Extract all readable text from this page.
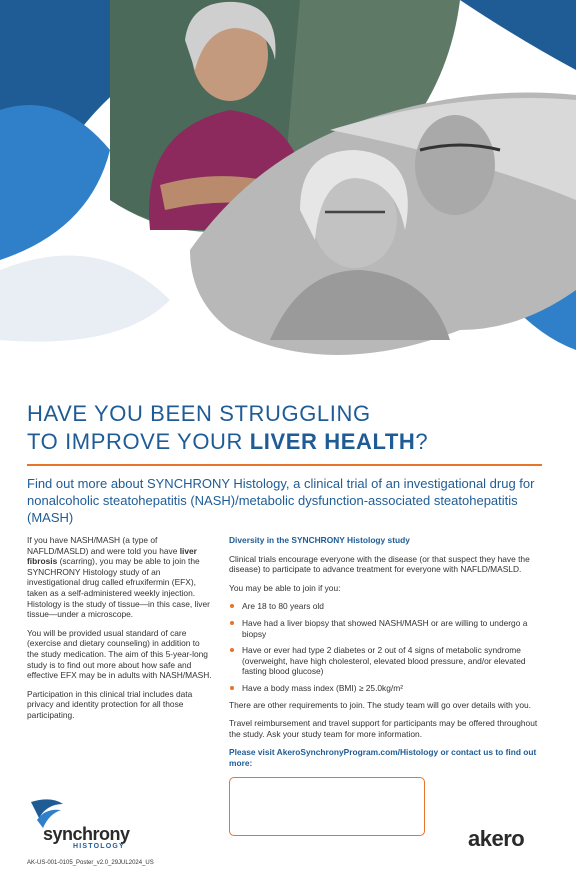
HAVE YOU BEEN STRUGGLING
TO IMPROVE YOUR LIVER HEALTH?

Find out more about SYNCHRONY Histology, a clinical trial of an investigational drug for nonalcoholic steatohepatitis (NASH)/metabolic dysfunction-associated steatohepatitis (MASH)

If you have NASH/MASH (a type of NAFLD/MASLD) and were told you have liver fibrosis (scarring), you may be able to join the SYNCHRONY Histology study of an investigational drug called efruxifermin (EFX), taken as a self-administered weekly injection. Histology is the study of tissue—in this case, liver tissue—under a microscope.

You will be provided usual standard of care (exercise and dietary counseling) in addition to the study medication. The aim of this 5-year-long study is to find out more about how safe and effective EFX may be in adults with NASH/MASH.

Participation in this clinical trial includes data privacy and identity protection for all those participating.

Diversity in the SYNCHRONY Histology study

Clinical trials encourage everyone with the disease (or that suspect they have the disease) to participate to advance treatment for everyone with NAFLD/MASLD.

You may be able to join if you:

Are 18 to 80 years old
Have had a liver biopsy that showed NASH/MASH or are willing to undergo a biopsy
Have or ever had type 2 diabetes or 2 out of 4 signs of metabolic syndrome (overweight, have high cholesterol, elevated blood pressure, and/or elevated fasting blood glucose)
Have a body mass index (BMI) ≥ 25.0kg/m²

There are other requirements to join. The study team will go over details with you.

Travel reimbursement and travel support for participants may be offered throughout the study. Ask your study team for more information.

Please visit AkeroSynchronyProgram.com/Histology or contact us to find out more:

synchrony
HISTOLOGY	akero
AK-US-001-0105_Poster_v2.0_29JUL2024_US
